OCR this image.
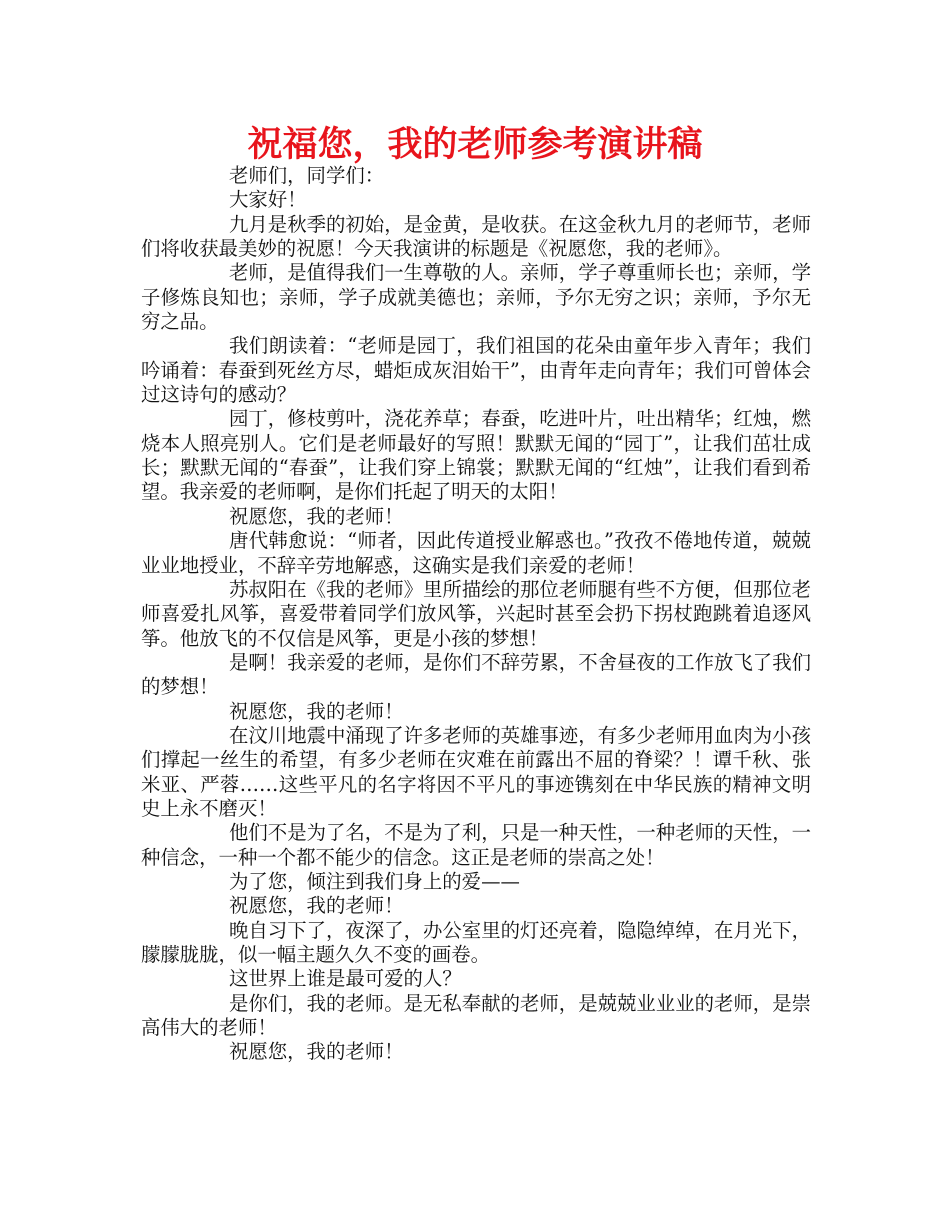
祝福您，我的老师参考演讲稿

老师们，同学们：

大家好！

九月是秋季的初始，是金黄，是收获。在这金秋九月的老师节，老师们将收获最美妙的祝愿！今天我演讲的标题是《祝愿您，我的老师》。

老师，是值得我们一生尊敬的人。亲师，学子尊重师长也；亲师，学子修炼良知也；亲师，学子成就美德也；亲师，予尔无穷之识；亲师，予尔无穷之品。

我们朗读着：“老师是园丁，我们祖国的花朵由童年步入青年；我们吟诵着：春蚕到死丝方尽，蜡炬成灰泪始干”，由青年走向青年；我们可曾体会过这诗句的感动？

园丁，修枝剪叶，浇花养草；春蚕，吃进叶片，吐出精华；红烛，燃烧本人照亮别人。它们是老师最好的写照！默默无闻的“园丁”，让我们茁壮成长；默默无闻的“春蚕”，让我们穿上锦裳；默默无闻的“红烛”，让我们看到希望。我亲爱的老师啊，是你们托起了明天的太阳！

祝愿您，我的老师！

唐代韩愈说：“师者，因此传道授业解惑也。”孜孜不倦地传道，兢兢业业地授业，不辞辛劳地解惑，这确实是我们亲爱的老师！

苏叔阳在《我的老师》里所描绘的那位老师腿有些不方便，但那位老师喜爱扎风筝，喜爱带着同学们放风筝，兴起时甚至会扔下拐杖跑跳着追逐风筝。他放飞的不仅信是风筝，更是小孩的梦想！

是啊！我亲爱的老师，是你们不辞劳累，不舍昼夜的工作放飞了我们的梦想！

祝愿您，我的老师！

在汶川地震中涌现了许多老师的英雄事迹，有多少老师用血肉为小孩们撑起一丝生的希望，有多少老师在灾难在前露出不屈的脊梁？！谭千秋、张米亚、严蓉……这些平凡的名字将因不平凡的事迹镌刻在中华民族的精神文明史上永不磨灭！

他们不是为了名，不是为了利，只是一种天性，一种老师的天性，一种信念，一种一个都不能少的信念。这正是老师的崇高之处！

为了您，倾注到我们身上的爱——

祝愿您，我的老师！

晚自习下了，夜深了，办公室里的灯还亮着，隐隐绰绰，在月光下，朦朦胧胧，似一幅主题久久不变的画卷。

这世界上谁是最可爱的人？

是你们，我的老师。是无私奉献的老师，是兢兢业业业的老师，是崇高伟大的老师！

祝愿您，我的老师！
